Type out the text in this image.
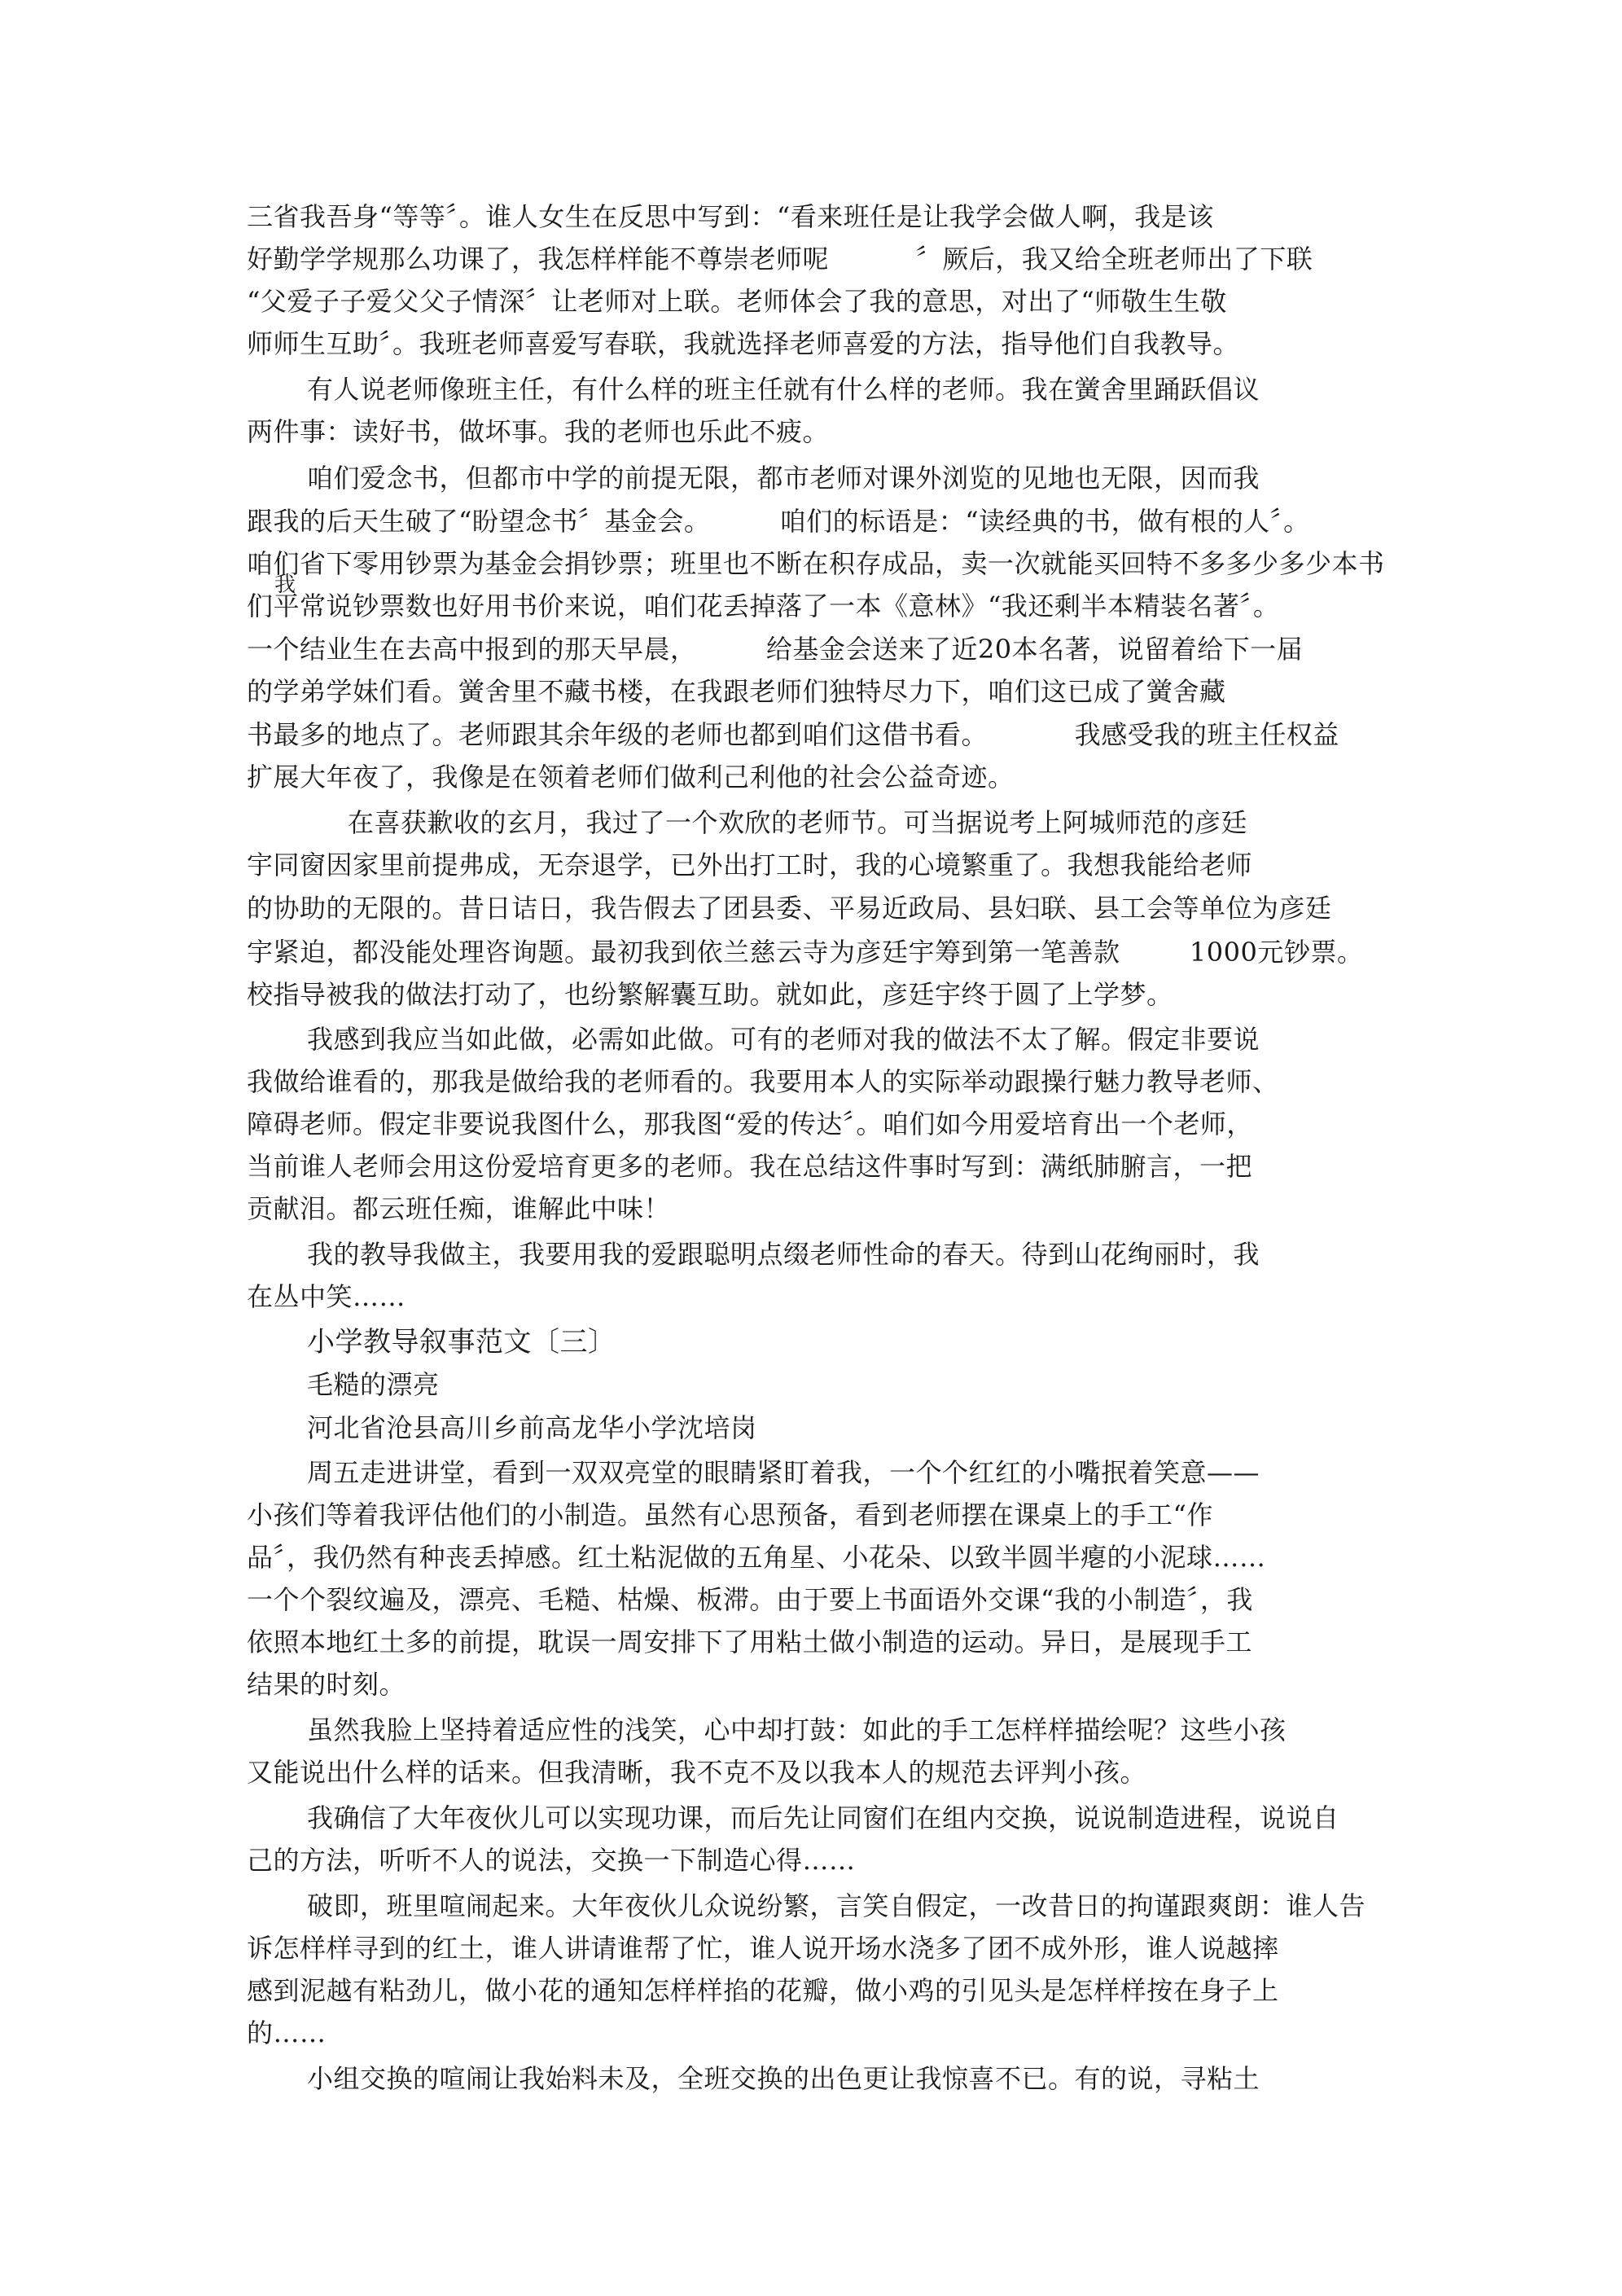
三省我吾身“等等〞。谁人女生在反思中写到：“看来班任是让我学会做人啊，我是该
好勤学学规那么功课了，我怎样样能不尊崇老师呢          〞厥后，我又给全班老师出了下联
“父爱子子爱父父子情深〞让老师对上联。老师体会了我的意思，对出了“师敬生生敬
师师生互助〞。我班老师喜爱写春联，我就选择老师喜爱的方法，指导他们自我教导。
有人说老师像班主任，有什么样的班主任就有什么样的老师。我在黉舍里踊跃倡议
两件事：读好书，做坏事。我的老师也乐此不疲。
咱们爱念书，但都市中学的前提无限，都市老师对课外浏览的见地也无限，因而我
跟我的后天生破了“盼望念书〞基金会。        咱们的标语是：“读经典的书，做有根的人〞。
咱们省下零用钞票为基金会捐钞票；班里也不断在积存成品，卖一次就能买回特不多多少多少本书
我
们平常说钞票数也好用书价来说，咱们花丢掉落了一本《意林》“我还剩半本精装名著〞。
一个结业生在去高中报到的那天早晨，        给基金会送来了近20本名著，说留着给下一届
的学弟学妹们看。黉舍里不藏书楼，在我跟老师们独特尽力下，咱们这已成了黉舍藏
书最多的地点了。老师跟其余年级的老师也都到咱们这借书看。          我感受我的班主任权益
扩展大年夜了，我像是在领着老师们做利己利他的社会公益奇迹。
在喜获歉收的玄月，我过了一个欢欣的老师节。可当据说考上阿城师范的彦廷
宇同窗因家里前提弗成，无奈退学，已外出打工时，我的心境繁重了。我想我能给老师
的协助的无限的。昔日诘日，我告假去了团县委、平易近政局、县妇联、县工会等单位为彦廷
宇紧迫，都没能处理咨询题。最初我到依兰慈云寺为彦廷宇筹到第一笔善款        1000元钞票。
校指导被我的做法打动了，也纷繁解囊互助。就如此，彦廷宇终于圆了上学梦。
我感到我应当如此做，必需如此做。可有的老师对我的做法不太了解。假定非要说
我做给谁看的，那我是做给我的老师看的。我要用本人的实际举动跟操行魅力教导老师、
障碍老师。假定非要说我图什么，那我图“爱的传达〞。咱们如今用爱培育出一个老师，
当前谁人老师会用这份爱培育更多的老师。我在总结这件事时写到：满纸肺腑言，一把
贡献泪。都云班任痴，谁解此中味！
我的教导我做主，我要用我的爱跟聪明点缀老师性命的春天。待到山花绚丽时，我
在丛中笑……
小学教导叙事范文〔三〕
毛糙的漂亮
河北省沧县高川乡前高龙华小学沈培岗
周五走进讲堂，看到一双双亮堂的眼睛紧盯着我，一个个红红的小嘴抿着笑意——
小孩们等着我评估他们的小制造。虽然有心思预备，看到老师摆在课桌上的手工“作
品〞，我仍然有种丧丢掉感。红土粘泥做的五角星、小花朵、以致半圆半瘪的小泥球……
一个个裂纹遍及，漂亮、毛糙、枯燥、板滞。由于要上书面语外交课“我的小制造〞，我
依照本地红土多的前提，耽误一周安排下了用粘土做小制造的运动。异日，是展现手工
结果的时刻。
虽然我脸上坚持着适应性的浅笑，心中却打鼓：如此的手工怎样样描绘呢？这些小孩
又能说出什么样的话来。但我清晰，我不克不及以我本人的规范去评判小孩。
我确信了大年夜伙儿可以实现功课，而后先让同窗们在组内交换，说说制造进程，说说自
己的方法，听听不人的说法，交换一下制造心得……
破即，班里喧闹起来。大年夜伙儿众说纷繁，言笑自假定，一改昔日的拘谨跟爽朗：谁人告
诉怎样样寻到的红土，谁人讲请谁帮了忙，谁人说开场水浇多了团不成外形，谁人说越摔
感到泥越有粘劲儿，做小花的通知怎样样掐的花瓣，做小鸡的引见头是怎样样按在身子上
的……
小组交换的喧闹让我始料未及，全班交换的出色更让我惊喜不已。有的说，寻粘土
